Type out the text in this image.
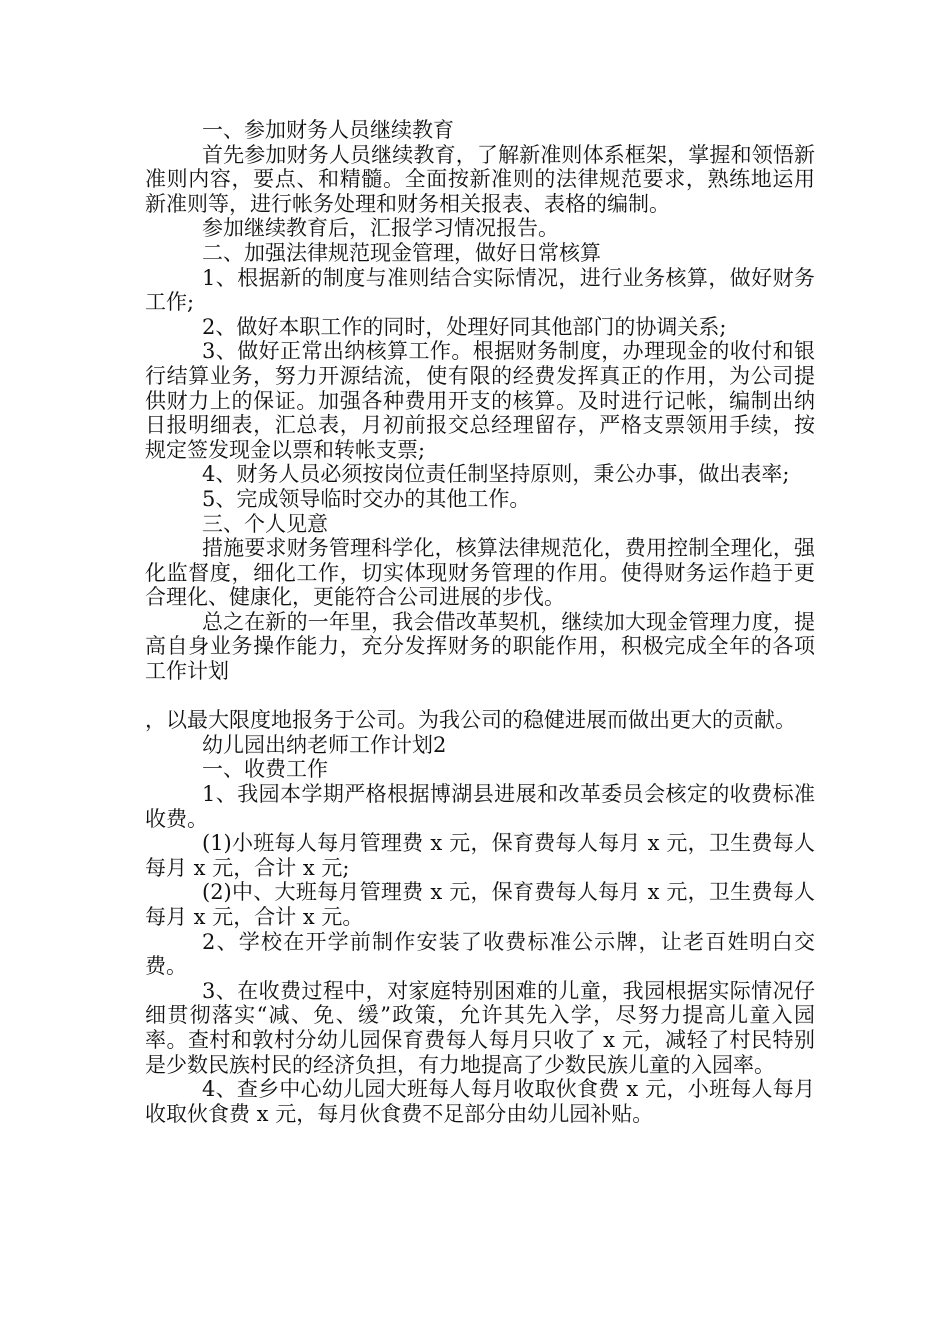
一、参加财务人员继续教育

首先参加财务人员继续教育，了解新准则体系框架，掌握和领悟新准则内容，要点、和精髓。全面按新准则的法律规范要求，熟练地运用新准则等，进行帐务处理和财务相关报表、表格的编制。

参加继续教育后，汇报学习情况报告。

二、加强法律规范现金管理，做好日常核算

1、根据新的制度与准则结合实际情况，进行业务核算，做好财务工作;

2、做好本职工作的同时，处理好同其他部门的协调关系;

3、做好正常出纳核算工作。根据财务制度，办理现金的收付和银行结算业务，努力开源结流，使有限的经费发挥真正的作用，为公司提供财力上的保证。加强各种费用开支的核算。及时进行记帐，编制出纳日报明细表，汇总表，月初前报交总经理留存，严格支票领用手续，按规定签发现金以票和转帐支票;

4、财务人员必须按岗位责任制坚持原则，秉公办事，做出表率;

5、完成领导临时交办的其他工作。

三、个人见意

措施要求财务管理科学化，核算法律规范化，费用控制全理化，强化监督度，细化工作，切实体现财务管理的作用。使得财务运作趋于更合理化、健康化，更能符合公司进展的步伐。

总之在新的一年里，我会借改革契机，继续加大现金管理力度，提高自身业务操作能力，充分发挥财务的职能作用，积极完成全年的各项 工作计划

，以最大限度地报务于公司。为我公司的稳健进展而做出更大的贡献。

幼儿园出纳老师工作计划2

一、收费工作

1、我园本学期严格根据博湖县进展和改革委员会核定的收费标准收费。

(1)小班每人每月管理费 x 元，保育费每人每月 x 元，卫生费每人每月 x 元，合计 x 元;

(2)中、大班每月管理费 x 元，保育费每人每月 x 元，卫生费每人每月 x 元，合计 x 元。

2、学校在开学前制作安装了收费标准公示牌，让老百姓明白交费。

3、在收费过程中，对家庭特别困难的儿童，我园根据实际情况仔细贯彻落实“减、免、缓”政策，允许其先入学，尽努力提高儿童入园率。查村和敦村分幼儿园保育费每人每月只收了 x 元，减轻了村民特别是少数民族村民的经济负担，有力地提高了少数民族儿童的入园率。

4、查乡中心幼儿园大班每人每月收取伙食费 x 元，小班每人每月收取伙食费 x 元，每月伙食费不足部分由幼儿园补贴。
